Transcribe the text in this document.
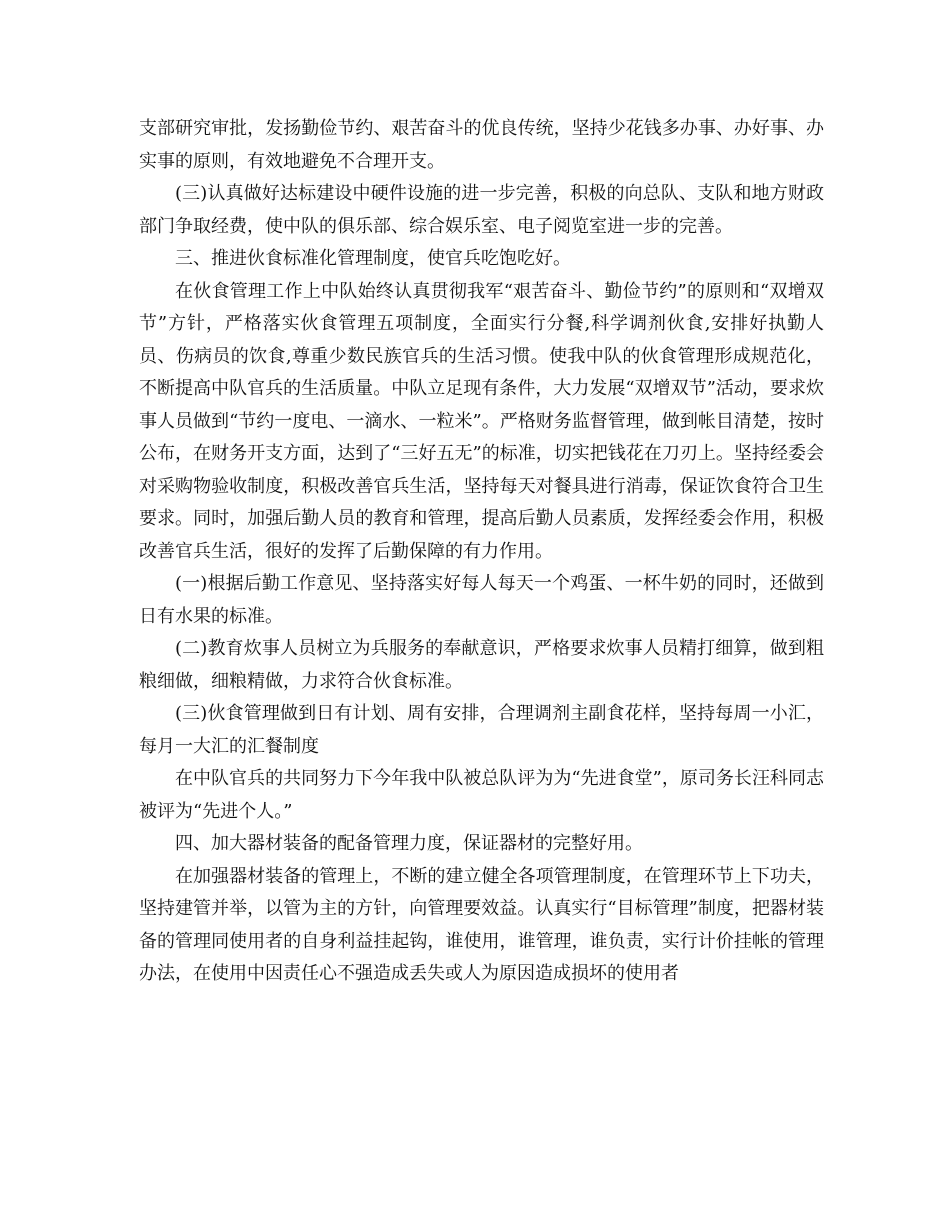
支部研究审批，发扬勤俭节约、艰苦奋斗的优良传统，坚持少花钱多办事、办好事、办实事的原则，有效地避免不合理开支。

(三)认真做好达标建设中硬件设施的进一步完善，积极的向总队、支队和地方财政部门争取经费，使中队的俱乐部、综合娱乐室、电子阅览室进一步的完善。

三、推进伙食标准化管理制度，使官兵吃饱吃好。

在伙食管理工作上中队始终认真贯彻我军“艰苦奋斗、勤俭节约”的原则和“双增双节”方针，严格落实伙食管理五项制度，全面实行分餐,科学调剂伙食,安排好执勤人员、伤病员的饮食,尊重少数民族官兵的生活习惯。使我中队的伙食管理形成规范化，不断提高中队官兵的生活质量。中队立足现有条件，大力发展“双增双节”活动，要求炊事人员做到“节约一度电、一滴水、一粒米”。严格财务监督管理，做到帐目清楚，按时公布，在财务开支方面，达到了“三好五无”的标准，切实把钱花在刀刃上。坚持经委会对采购物验收制度，积极改善官兵生活，坚持每天对餐具进行消毒，保证饮食符合卫生要求。同时，加强后勤人员的教育和管理，提高后勤人员素质，发挥经委会作用，积极改善官兵生活，很好的发挥了后勤保障的有力作用。

(一)根据后勤工作意见、坚持落实好每人每天一个鸡蛋、一杯牛奶的同时，还做到日有水果的标准。

(二)教育炊事人员树立为兵服务的奉献意识，严格要求炊事人员精打细算，做到粗粮细做，细粮精做，力求符合伙食标准。

(三)伙食管理做到日有计划、周有安排，合理调剂主副食花样，坚持每周一小汇，每月一大汇的汇餐制度

在中队官兵的共同努力下今年我中队被总队评为为“先进食堂”，原司务长汪科同志被评为“先进个人。”

四、加大器材装备的配备管理力度，保证器材的完整好用。

在加强器材装备的管理上，不断的建立健全各项管理制度，在管理环节上下功夫，坚持建管并举，以管为主的方针，向管理要效益。认真实行“目标管理”制度，把器材装备的管理同使用者的自身利益挂起钩，谁使用，谁管理，谁负责，实行计价挂帐的管理办法，在使用中因责任心不强造成丢失或人为原因造成损坏的使用者
